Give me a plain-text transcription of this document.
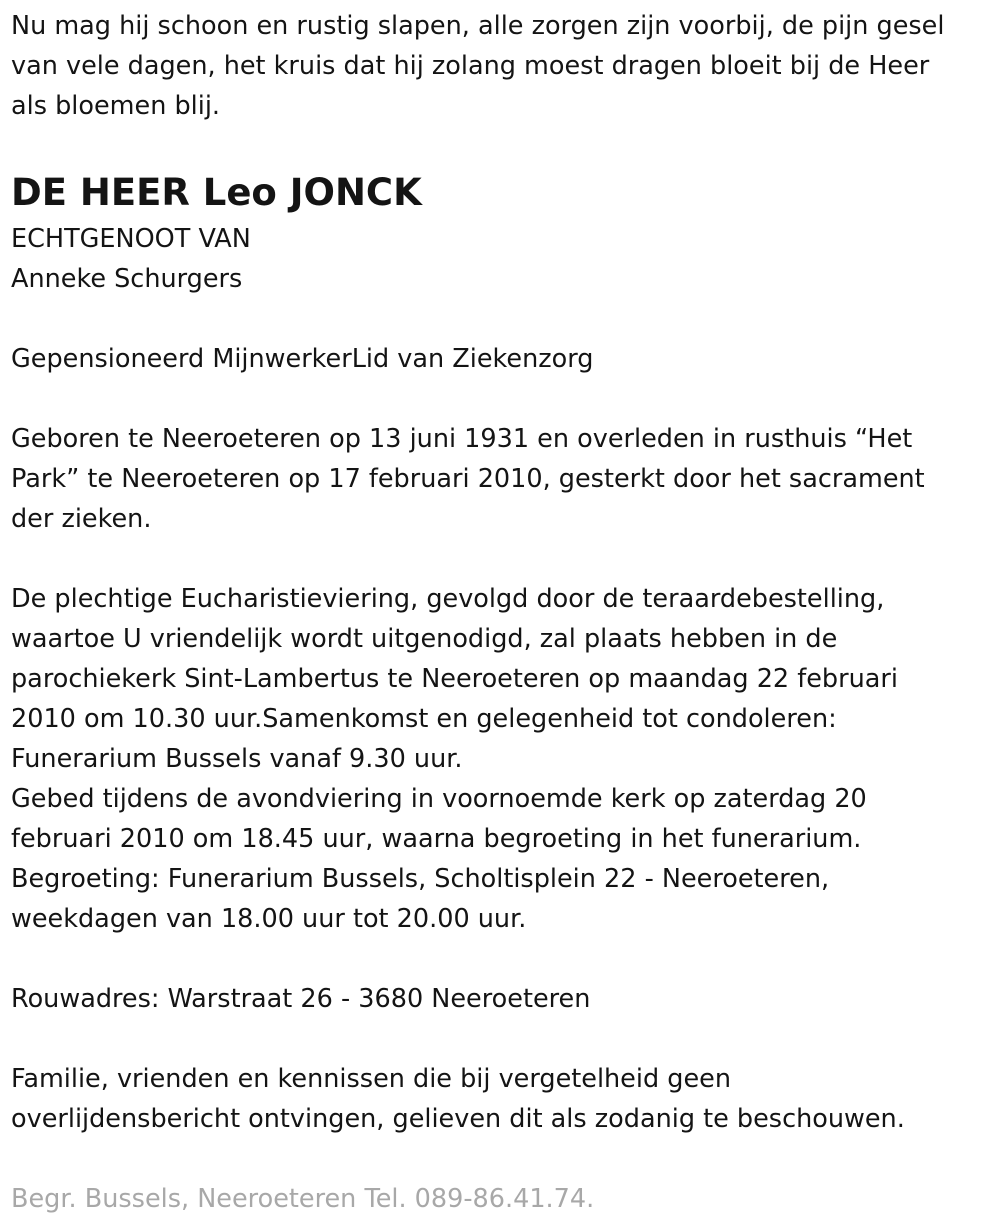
Nu mag hij schoon en rustig slapen, alle zorgen zijn voorbij, de pijn gesel
van vele dagen, het kruis dat hij zolang moest dragen bloeit bij de Heer
als bloemen blij.

DE HEER Leo JONCK

ECHTGENOOT VAN
Anneke Schurgers

Gepensioneerd MijnwerkerLid van Ziekenzorg

Geboren te Neeroeteren op 13 juni 1931 en overleden in rusthuis “Het
Park” te Neeroeteren op 17 februari 2010, gesterkt door het sacrament
der zieken.

De plechtige Eucharistieviering, gevolgd door de teraardebestelling,
waartoe U vriendelijk wordt uitgenodigd, zal plaats hebben in de
parochiekerk Sint-Lambertus te Neeroeteren op maandag 22 februari
2010 om 10.30 uur.Samenkomst en gelegenheid tot condoleren:
Funerarium Bussels vanaf 9.30 uur.
Gebed tijdens de avondviering in voornoemde kerk op zaterdag 20
februari 2010 om 18.45 uur, waarna begroeting in het funerarium.
Begroeting: Funerarium Bussels, Scholtisplein 22 - Neeroeteren,
weekdagen van 18.00 uur tot 20.00 uur.

Rouwadres: Warstraat 26 - 3680 Neeroeteren

Familie, vrienden en kennissen die bij vergetelheid geen
overlijdensbericht ontvingen, gelieven dit als zodanig te beschouwen.

Begr. Bussels, Neeroeteren Tel. 089-86.41.74.
